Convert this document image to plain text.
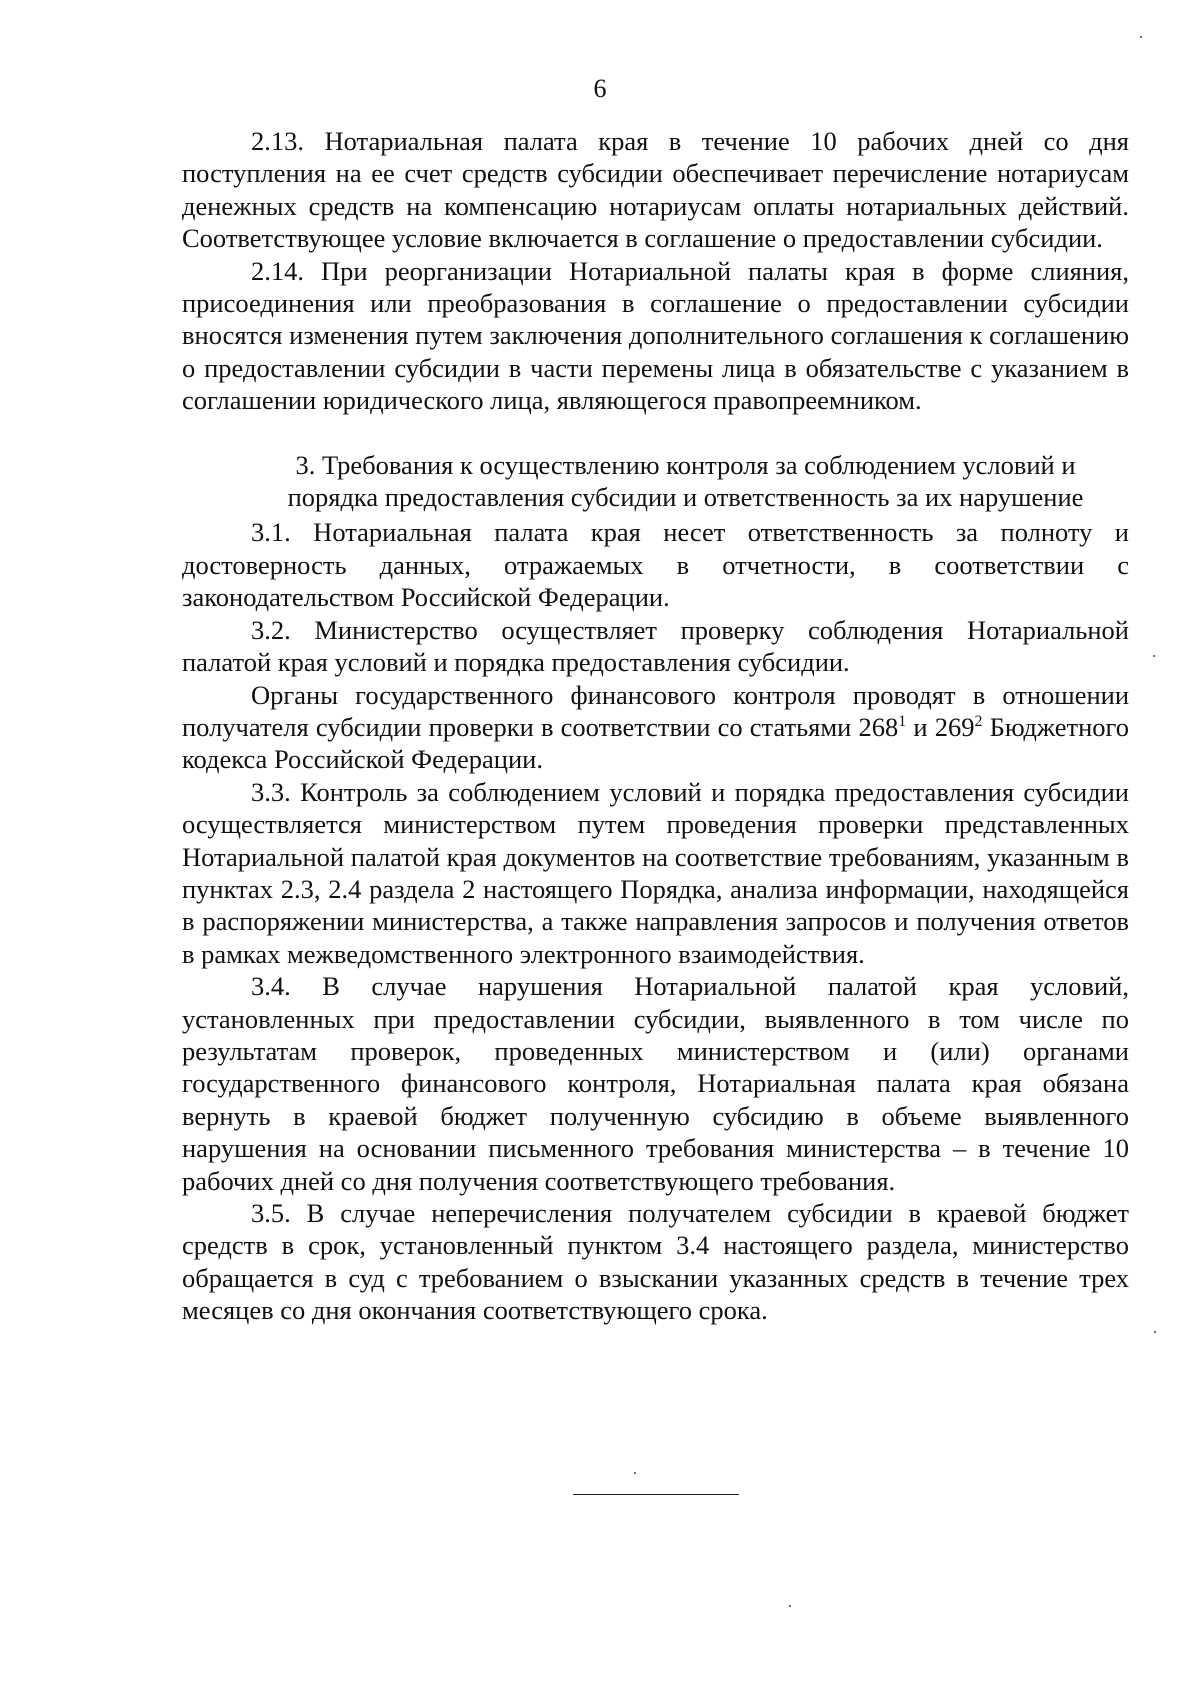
6

2.13. Нотариальная палата края в течение 10 рабочих дней со дня поступления на ее счет средств субсидии обеспечивает перечисление нотариусам денежных средств на компенсацию нотариусам оплаты нотариальных действий. Соответствующее условие включается в соглашение о предоставлении субсидии.

2.14. При реорганизации Нотариальной палаты края в форме слияния, присоединения или преобразования в соглашение о предоставлении субсидии вносятся изменения путем заключения дополнительного соглашения к соглашению о предоставлении субсидии в части перемены лица в обязательстве с указанием в соглашении юридического лица, являющегося правопреемником.

3. Требования к осуществлению контроля за соблюдением условий и
порядка предоставления субсидии и ответственность за их нарушение

3.1. Нотариальная палата края несет ответственность за полноту и достоверность данных, отражаемых в отчетности, в соответствии с законодательством Российской Федерации.

3.2. Министерство осуществляет проверку соблюдения Нотариальной палатой края условий и порядка предоставления субсидии.

Органы государственного финансового контроля проводят в отношении получателя субсидии проверки в соответствии со статьями $268^1$ и $269^2$ Бюджетного кодекса Российской Федерации.

3.3. Контроль за соблюдением условий и порядка предоставления субсидии осуществляется министерством путем проведения проверки представленных Нотариальной палатой края документов на соответствие требованиям, указанным в пунктах 2.3, 2.4 раздела 2 настоящего Порядка, анализа информации, находящейся в распоряжении министерства, а также направления запросов и получения ответов в рамках межведомственного электронного взаимодействия.

3.4. В случае нарушения Нотариальной палатой края условий, установленных при предоставлении субсидии, выявленного в том числе по результатам проверок, проведенных министерством и (или) органами государственного финансового контроля, Нотариальная палата края обязана вернуть в краевой бюджет полученную субсидию в объеме выявленного нарушения на основании письменного требования министерства – в течение 10 рабочих дней со дня получения соответствующего требования.

3.5. В случае неперечисления получателем субсидии в краевой бюджет средств в срок, установленный пунктом 3.4 настоящего раздела, министерство обращается в суд с требованием о взыскании указанных средств в течение трех месяцев со дня окончания соответствующего срока.
